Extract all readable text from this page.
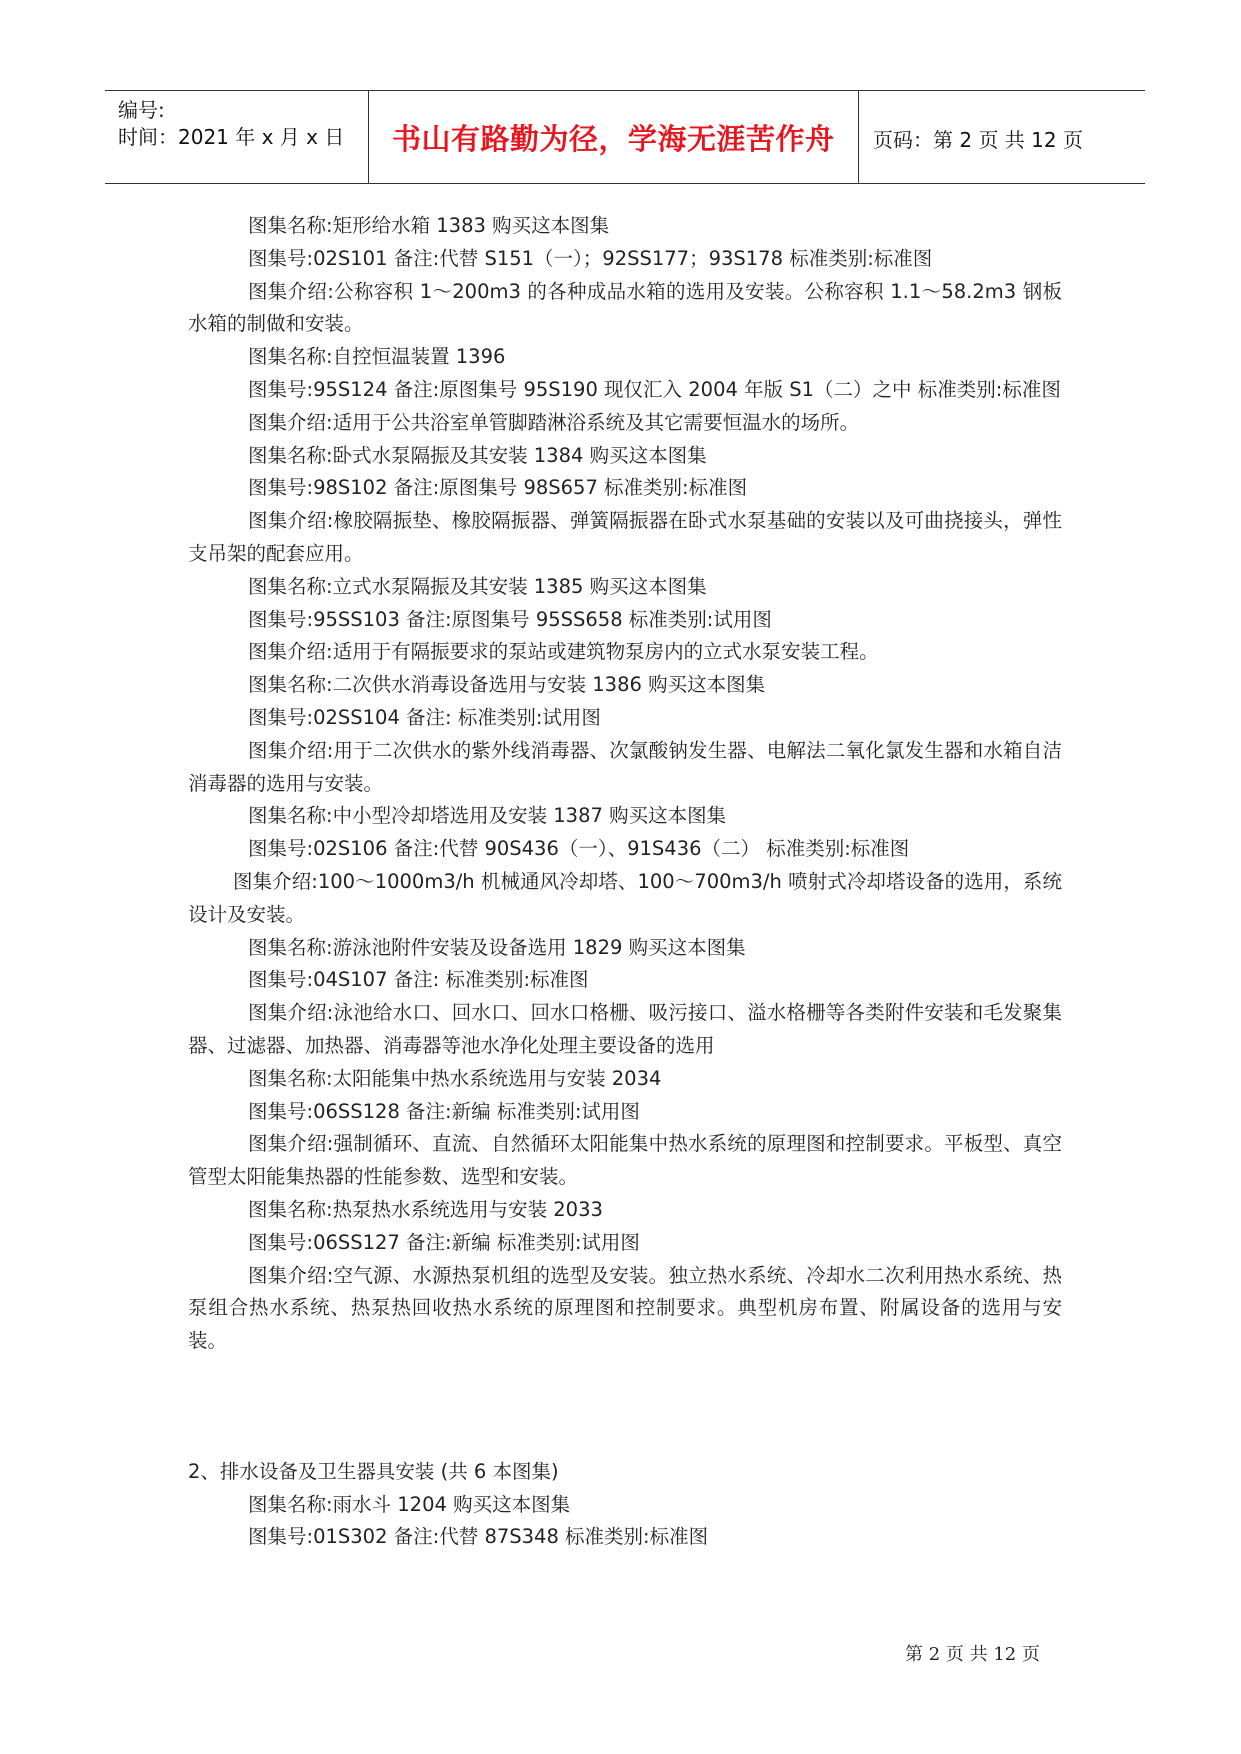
编号:
时间：2021 年 x 月 x 日 书山有路勤为径，学海无涯苦作舟 页码：第 2 页 共 12 页

图集名称:矩形给水箱 1383 购买这本图集

图集号:02S101 备注:代替 S151（一）；92SS177；93S178 标准类别:标准图

图集介绍:公称容积 1～200m3 的各种成品水箱的选用及安装。公称容积 1.1～58.2m3 钢板水箱的制做和安装。

图集名称:自控恒温装置 1396

图集号:95S124 备注:原图集号 95S190 现仅汇入 2004 年版 S1（二）之中 标准类别:标准图

图集介绍:适用于公共浴室单管脚踏淋浴系统及其它需要恒温水的场所。

图集名称:卧式水泵隔振及其安装 1384 购买这本图集

图集号:98S102 备注:原图集号 98S657 标准类别:标准图

图集介绍:橡胶隔振垫、橡胶隔振器、弹簧隔振器在卧式水泵基础的安装以及可曲挠接头，弹性支吊架的配套应用。

图集名称:立式水泵隔振及其安装 1385 购买这本图集

图集号:95SS103 备注:原图集号 95SS658 标准类别:试用图

图集介绍:适用于有隔振要求的泵站或建筑物泵房内的立式水泵安装工程。

图集名称:二次供水消毒设备选用与安装 1386 购买这本图集

图集号:02SS104 备注: 标准类别:试用图

图集介绍:用于二次供水的紫外线消毒器、次氯酸钠发生器、电解法二氧化氯发生器和水箱自洁消毒器的选用与安装。

图集名称:中小型冷却塔选用及安装 1387 购买这本图集

图集号:02S106 备注:代替 90S436（一）、91S436（二） 标准类别:标准图

图集介绍:100～1000m3/h 机械通风冷却塔、100～700m3/h 喷射式冷却塔设备的选用，系统设计及安装。

图集名称:游泳池附件安装及设备选用 1829 购买这本图集

图集号:04S107 备注: 标准类别:标准图

图集介绍:泳池给水口、回水口、回水口格栅、吸污接口、溢水格栅等各类附件安装和毛发聚集器、过滤器、加热器、消毒器等池水净化处理主要设备的选用

图集名称:太阳能集中热水系统选用与安装 2034

图集号:06SS128 备注:新编 标准类别:试用图

图集介绍:强制循环、直流、自然循环太阳能集中热水系统的原理图和控制要求。平板型、真空管型太阳能集热器的性能参数、选型和安装。

图集名称:热泵热水系统选用与安装 2033

图集号:06SS127 备注:新编 标准类别:试用图

图集介绍:空气源、水源热泵机组的选型及安装。独立热水系统、冷却水二次利用热水系统、热泵组合热水系统、热泵热回收热水系统的原理图和控制要求。典型机房布置、附属设备的选用与安装。

2、排水设备及卫生器具安装 (共 6 本图集)

图集名称:雨水斗 1204 购买这本图集

图集号:01S302 备注:代替 87S348 标准类别:标准图

第 2 页 共 12 页
